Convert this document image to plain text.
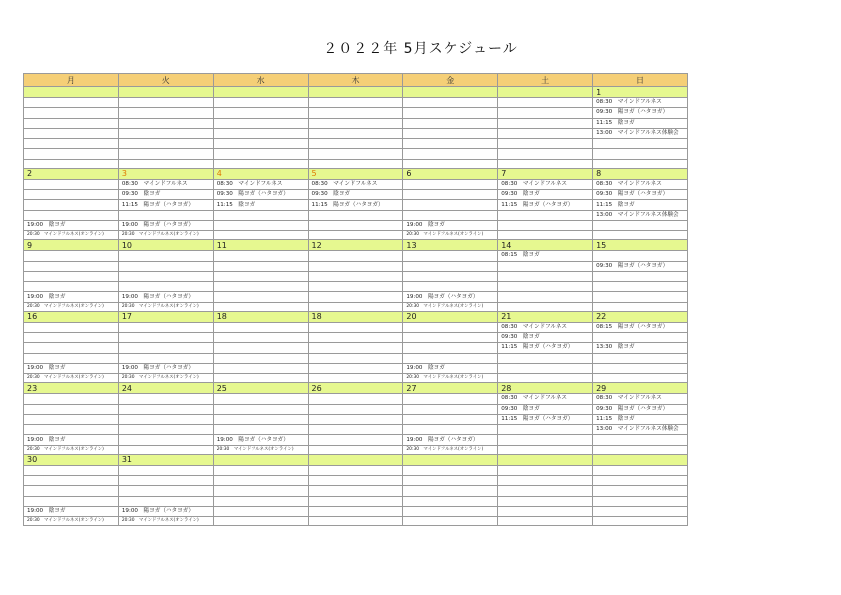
２０２２年 5月スケジュール
月	火	水	木	金	土	日
						1
						08:30　マインドフルネス
						09:30　陽ヨガ（ハタヨガ）
						11:15　陰ヨガ
						13:00　マインドフルネス体験会

2	3	4	5	6	7	8
	08:30　マインドフルネス	08:30　マインドフルネス	08:30　マインドフルネス		08:30　マインドフルネス	08:30　マインドフルネス
	09:30　陰ヨガ	09:30　陽ヨガ（ハタヨガ）	09:30　陰ヨガ		09:30　陰ヨガ	09:30　陽ヨガ（ハタヨガ）
	11:15　陽ヨガ（ハタヨガ）	11:15　陰ヨガ	11:15　陽ヨガ（ハタヨガ）		11:15　陽ヨガ（ハタヨガ）	11:15　陰ヨガ
						13:00　マインドフルネス体験会
19:00　陰ヨガ	19:00　陽ヨガ（ハタヨガ）			19:00　陰ヨガ		
20:30　マインドフルネス(オンライン)	20:30　マインドフルネス(オンライン)			20:30　マインドフルネス(オンライン)		
9	10	11	12	13	14	15
					08:15　陰ヨガ	
						09:30　陽ヨガ（ハタヨガ）

19:00　陰ヨガ	19:00　陽ヨガ（ハタヨガ）			19:00　陽ヨガ（ハタヨガ）		
20:30　マインドフルネス(オンライン)	20:30　マインドフルネス(オンライン)			20:30　マインドフルネス(オンライン)		
16	17	18	18	20	21	22
					08:30　マインドフルネス	08:15　陽ヨガ（ハタヨガ）
					09:30　陰ヨガ	
					11:15　陽ヨガ（ハタヨガ）	13:30　陰ヨガ

19:00　陰ヨガ	19:00　陽ヨガ（ハタヨガ）			19:00　陰ヨガ		
20:30　マインドフルネス(オンライン)	20:30　マインドフルネス(オンライン)			20:30　マインドフルネス(オンライン)		
23	24	25	26	27	28	29
					08:30　マインドフルネス	08:30　マインドフルネス
					09:30　陰ヨガ	09:30　陽ヨガ（ハタヨガ）
					11:15　陽ヨガ（ハタヨガ）	11:15　陰ヨガ
						13:00　マインドフルネス体験会
19:00　陰ヨガ		19:00　陽ヨガ（ハタヨガ）		19:00　陽ヨガ（ハタヨガ）		
20:30　マインドフルネス(オンライン)		20:30　マインドフルネス(オンライン)		20:30　マインドフルネス(オンライン)		
30	31					

19:00　陰ヨガ	19:00　陽ヨガ（ハタヨガ）					
20:30　マインドフルネス(オンライン)	20:30　マインドフルネス(オンライン)					
